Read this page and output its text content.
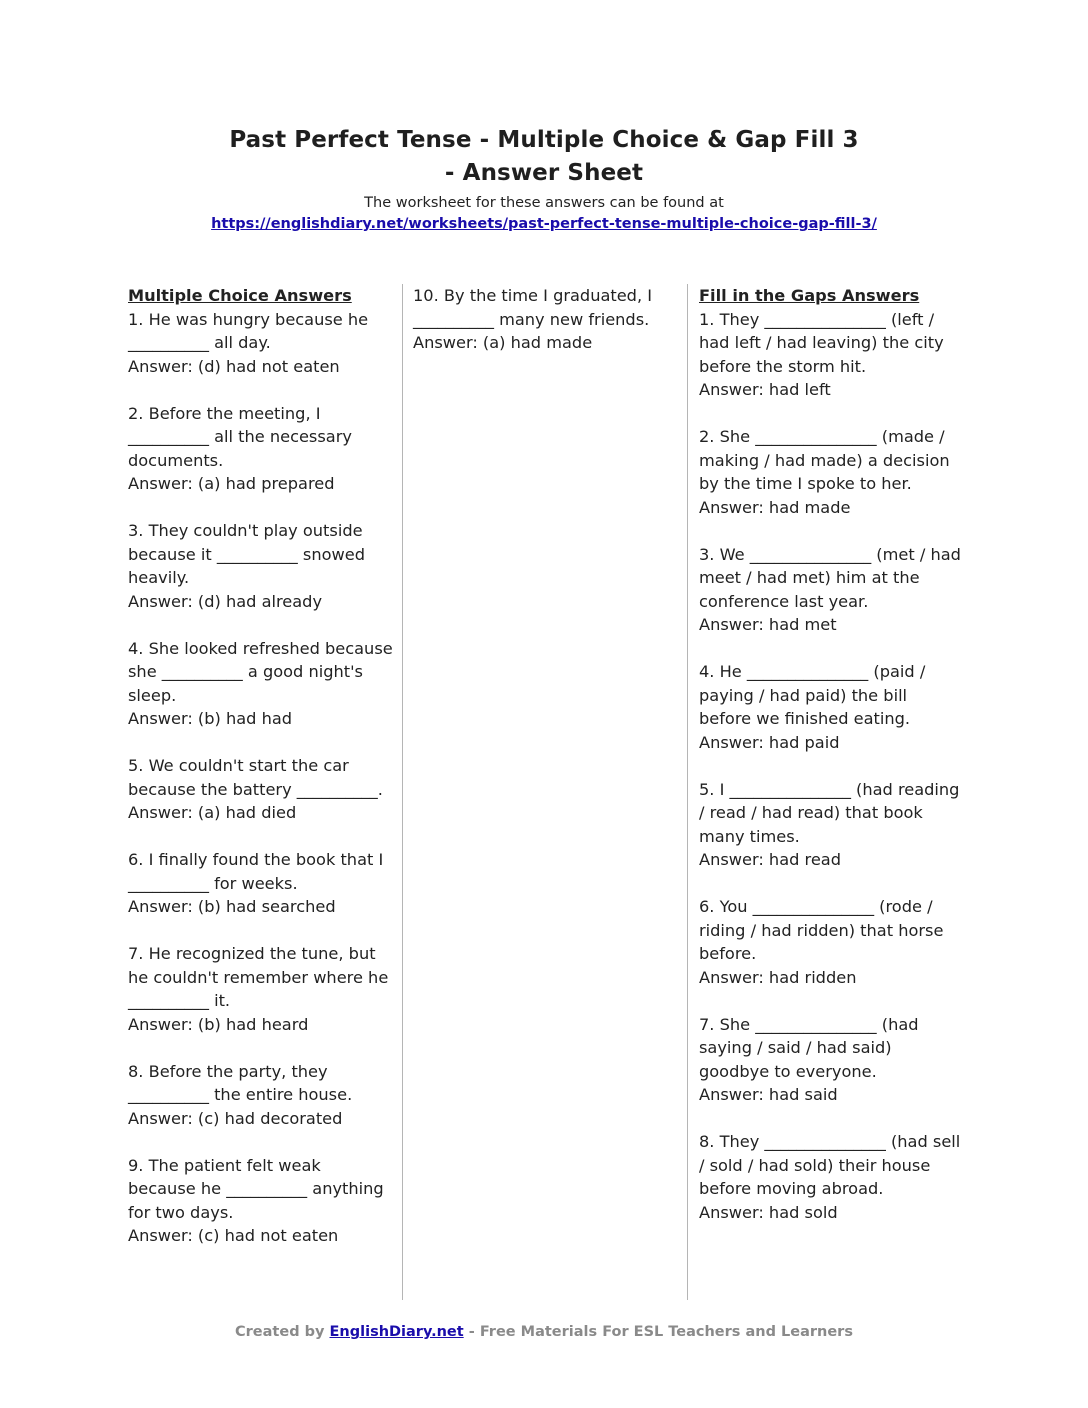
Past Perfect Tense - Multiple Choice & Gap Fill 3
- Answer Sheet
The worksheet for these answers can be found at
https://englishdiary.net/worksheets/past-perfect-tense-multiple-choice-gap-fill-3/
Multiple Choice Answers
1. He was hungry because he __________ all day.
Answer: (d) had not eaten
2. Before the meeting, I __________ all the necessary documents.
Answer: (a) had prepared
3. They couldn't play outside because it __________ snowed heavily.
Answer: (d) had already
4. She looked refreshed because she __________ a good night's sleep.
Answer: (b) had had
5. We couldn't start the car because the battery __________.
Answer: (a) had died
6. I finally found the book that I __________ for weeks.
Answer: (b) had searched
7. He recognized the tune, but he couldn't remember where he __________ it.
Answer: (b) had heard
8. Before the party, they __________ the entire house.
Answer: (c) had decorated
9. The patient felt weak because he __________ anything for two days.
Answer: (c) had not eaten
10. By the time I graduated, I __________ many new friends.
Answer: (a) had made
Fill in the Gaps Answers
1. They _______________ (left / had left / had leaving) the city before the storm hit.
Answer: had left
2. She _______________ (made / making / had made) a decision by the time I spoke to her.
Answer: had made
3. We _______________ (met / had meet / had met) him at the conference last year.
Answer: had met
4. He _______________ (paid / paying / had paid) the bill before we finished eating.
Answer: had paid
5. I _______________ (had reading / read / had read) that book many times.
Answer: had read
6. You _______________ (rode / riding / had ridden) that horse before.
Answer: had ridden
7. She _______________ (had saying / said / had said) goodbye to everyone.
Answer: had said
8. They _______________ (had sell / sold / had sold) their house before moving abroad.
Answer: had sold
Created by EnglishDiary.net - Free Materials For ESL Teachers and Learners
